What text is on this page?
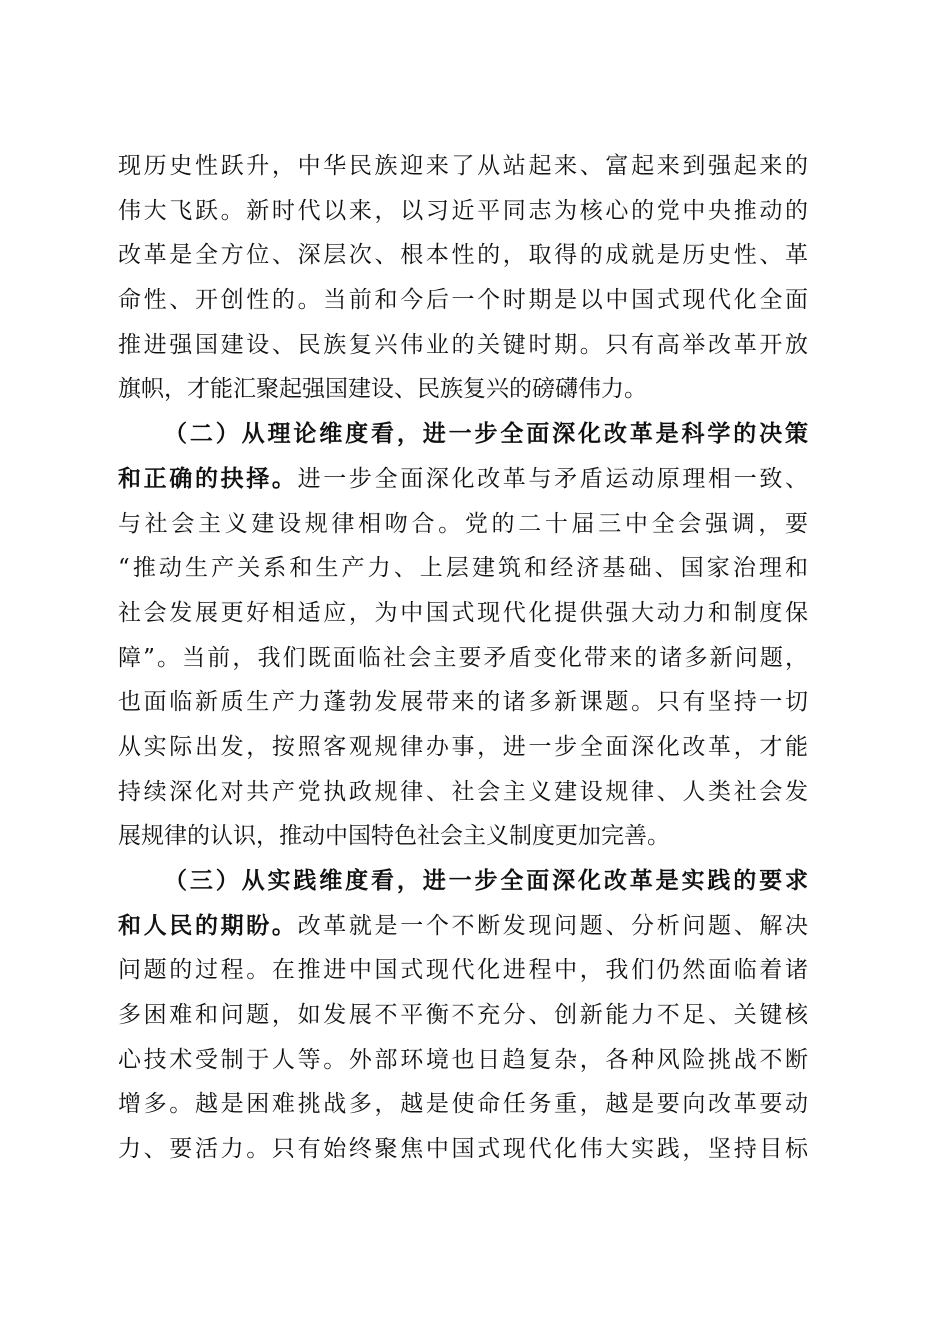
现历史性跃升，中华民族迎来了从站起来、富起来到强起来的
伟大飞跃。新时代以来，以习近平同志为核心的党中央推动的
改革是全方位、深层次、根本性的，取得的成就是历史性、革
命性、开创性的。当前和今后一个时期是以中国式现代化全面
推进强国建设、民族复兴伟业的关键时期。只有高举改革开放
旗帜，才能汇聚起强国建设、民族复兴的磅礴伟力。
（二）从理论维度看，进一步全面深化改革是科学的决策
和正确的抉择。进一步全面深化改革与矛盾运动原理相一致、
与社会主义建设规律相吻合。党的二十届三中全会强调，要
“推动生产关系和生产力、上层建筑和经济基础、国家治理和
社会发展更好相适应，为中国式现代化提供强大动力和制度保
障”。当前，我们既面临社会主要矛盾变化带来的诸多新问题，
也面临新质生产力蓬勃发展带来的诸多新课题。只有坚持一切
从实际出发，按照客观规律办事，进一步全面深化改革，才能
持续深化对共产党执政规律、社会主义建设规律、人类社会发
展规律的认识，推动中国特色社会主义制度更加完善。
（三）从实践维度看，进一步全面深化改革是实践的要求
和人民的期盼。改革就是一个不断发现问题、分析问题、解决
问题的过程。在推进中国式现代化进程中，我们仍然面临着诸
多困难和问题，如发展不平衡不充分、创新能力不足、关键核
心技术受制于人等。外部环境也日趋复杂，各种风险挑战不断
增多。越是困难挑战多，越是使命任务重，越是要向改革要动
力、要活力。只有始终聚焦中国式现代化伟大实践，坚持目标
